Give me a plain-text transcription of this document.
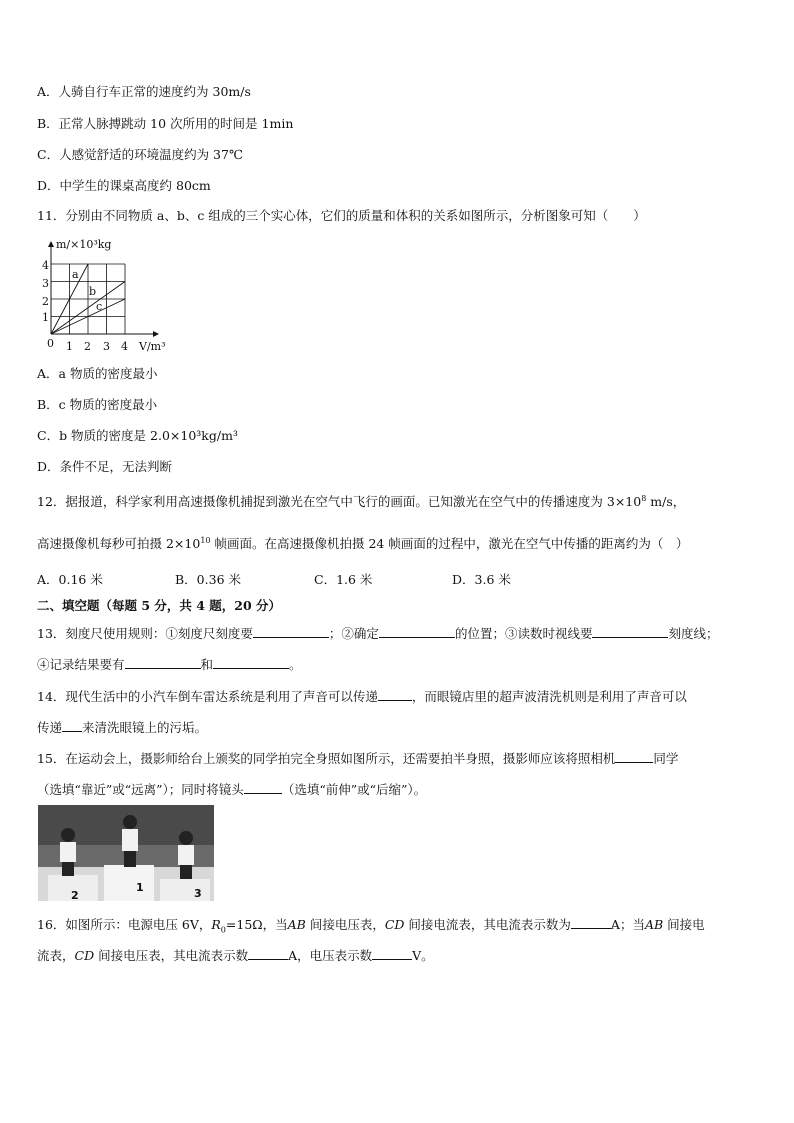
A．人骑自行车正常的速度约为 30m/s
B．正常人脉搏跳动 10 次所用的时间是 1min
C．人感觉舒适的环境温度约为 37℃
D．中学生的课桌高度约 80cm
11．分别由不同物质 a、b、c 组成的三个实心体，它们的质量和体积的关系如图所示，分析图象可知（　　）
m/×10³kg
V/m³
0 1 2 3 4
1
2
3
4
a
b
c
A．a 物质的密度最小
B．c 物质的密度最小
C．b 物质的密度是 2.0×10³kg/m³
D．条件不足，无法判断
12．据报道，科学家利用高速摄像机捕捉到激光在空气中飞行的画面。已知激光在空气中的传播速度为 $3\times 10^8$ m/s，
高速摄像机每秒可拍摄 $2\times 10^{10}$ 帧画面。在高速摄像机拍摄 24 帧画面的过程中，激光在空气中传播的距离约为（　）
A．0.16 米	B．0.36 米	C．1.6 米	D．3.6 米
二、填空题（每题 5 分，共 4 题，20 分）
13．刻度尺使用规则：①刻度尺刻度要	；②确定	的位置；③读数时视线要	刻度线；
④记录结果要有	和	。
14．现代生活中的小汽车倒车雷达系统是利用了声音可以传递	，而眼镜店里的超声波清洗机则是利用了声音可以
传递 来清洗眼镜上的污垢。
15．在运动会上，摄影师给台上颁奖的同学拍完全身照如图所示，还需要拍半身照，摄影师应该将照相机	同学
（选填“靠近”或“远离”）；同时将镜头	（选填“前伸”或“后缩”）。
2
1	3
16．如图所示：电源电压 6V，$R_0=15\Omega$，当AB 间接电压表，CD 间接电流表，其电流表示数为	A；当AB 间接电
流表，CD 间接电压表，其电流表示数	A，电压表示数	V。
